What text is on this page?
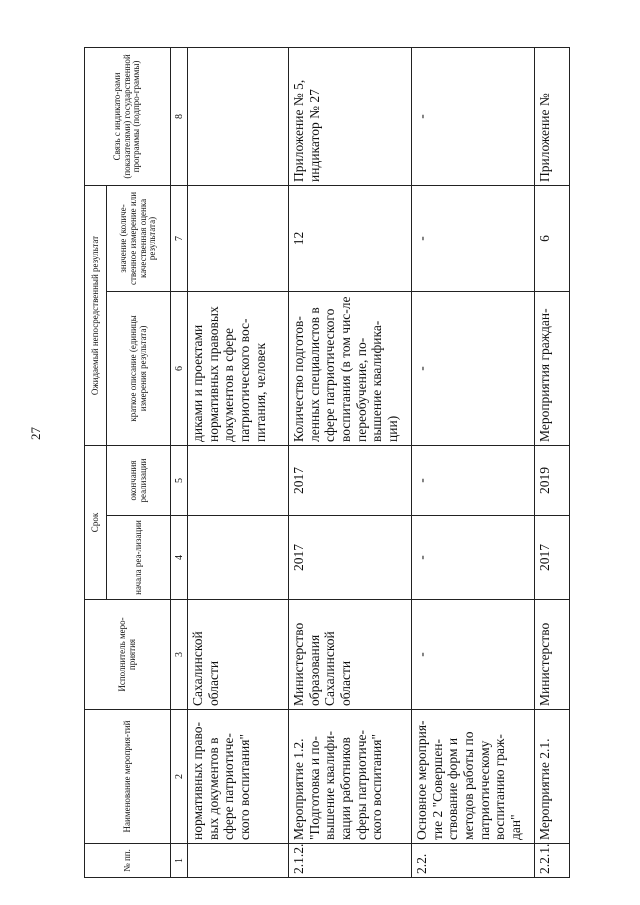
27
№ пп.	Наименование мероприя-тий	Исполнитель меро-приятия	Срок		Ожидаемый непосредственный результат		Связь с индикато-рами (показателями) государственной программы (подпро-граммы)
			начала реа-лизации	окончания реализации	краткое описание (единицы измерения результата)	значение (количе-ственное измерение или качественная оценка результата)	
1	2	3	4	5	6	7	8
	нормативных право-вых документов в сфере патриотиче-ского воспитания"	Сахалинской области			диками и проектами нормативных правовых документов в сфере патриотического вос-питания, человек		
2.1.2.	Мероприятие 1.2. "Подготовка и по-вышение квалифи-кации работников сферы патриотиче-ского воспитания"	Министерство образования Сахалинской области	2017	2017	Количество подготов-ленных специалистов в сфере патриотического воспитания (в том чис-ле переобучение, по-вышение квалифика-ции)	12	Приложение № 5, индикатор № 27
2.2.	Основное мероприя-тие 2 "Совершен-ствование форм и методов работы по патриотическому воспитанию граж-дан"	-	-	-	-	-	-
2.2.1.	Мероприятие 2.1.	Министерство	2017	2019	Мероприятия граждан-	6	Приложение №
